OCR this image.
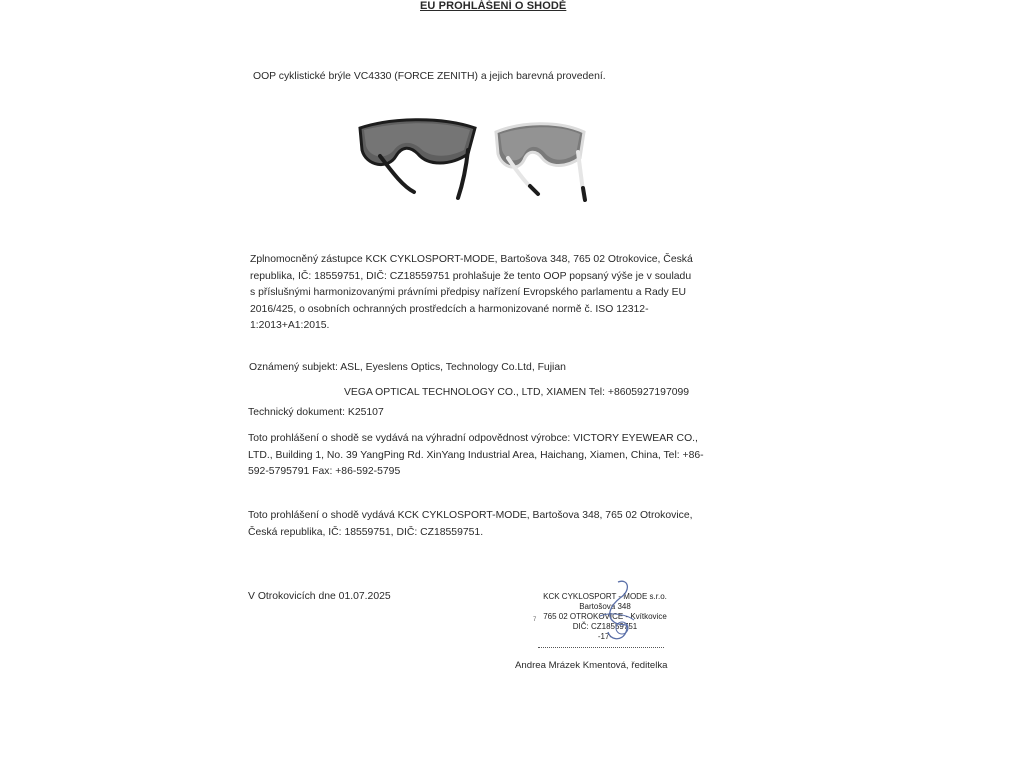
EU PROHLÁŠENÍ O SHODĚ
OOP cyklistické brýle VC4330 (FORCE ZENITH) a jejich barevná provedení.
Zplnomocněný zástupce KCK CYKLOSPORT-MODE, Bartošova 348, 765 02 Otrokovice, Česká
republika, IČ: 18559751, DIČ: CZ18559751 prohlašuje že tento OOP popsaný výše je v souladu
s příslušnými harmonizovanými právními předpisy nařízení Evropského parlamentu a Rady EU
2016/425, o osobních ochranných prostředcích a harmonizované normě č. ISO 12312-
1:2013+A1:2015.
Oznámený subjekt: ASL, Eyeslens Optics, Technology Co.Ltd, Fujian
VEGA OPTICAL TECHNOLOGY CO., LTD, XIAMEN Tel: +8605927197099
Technický dokument: K25107
Toto prohlášení o shodě se vydává na výhradní odpovědnost výrobce: VICTORY EYEWEAR CO.,
LTD., Building 1, No. 39 YangPing Rd. XinYang Industrial Area, Haichang, Xiamen, China, Tel: +86-
592-5795791 Fax: +86-592-5795
Toto prohlášení o shodě vydává KCK CYKLOSPORT-MODE, Bartošova 348, 765 02 Otrokovice,
Česká republika, IČ: 18559751, DIČ: CZ18559751.
V Otrokovicích dne 01.07.2025	KCK CYKLOSPORT - MODE s.r.o.
Bartošova 348
765 02 OTROKOVICE - Kvítkovice
DIČ: CZ18559751
-17-
7
Andrea Mrázek Kmentová, ředitelka
